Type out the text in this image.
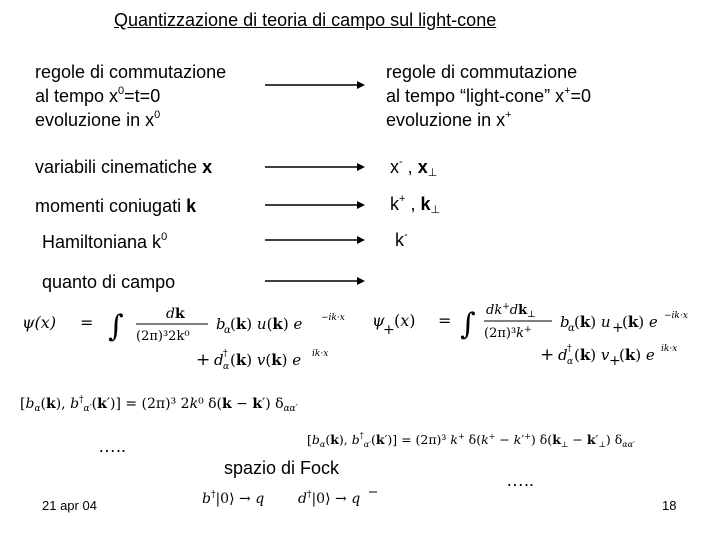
Quantizzazione di teoria di campo sul light-cone
regole di commutazione
al tempo $x^0=t=0$
evoluzione in $x^0$
variabili cinematiche x
momenti coniugati k
Hamiltoniana $k^0$
regole di commutazione
al tempo “light-cone” x+=0
evoluzione in x+
x- , $x_\perp$
k+ , $k_\perp$
k-
quanto di campo
ψ(x) = ∫	d k
(2π)³2k⁰
b
α (k) u(k) e −ik·x
+ d †
α (k) v(k) e ik·x
[$b_\alpha(k)$, $b^\dagger_{\alpha'}(k')] = (2\pi)^3$ 2k⁰ δ(k − k′) $\delta_{\alpha\alpha'}$
ψ
+ (x) = ∫ $dk^+dk_\perp$
(2π)³k+ b
α (k) u +
(k) e −ik·x
+ d †
α (k) v +
(k) e ik·x
[$b_\alpha(k)$, $b^\dagger_{\alpha'}(k')] = (2\pi)^3$ k+ δ(k+ − k′+) $\delta(k_\perp - k'_\perp)$ $\delta_{\alpha\alpha'}$
…..
spazio di Fock
b†|0⟩ → q d†|0⟩ → q
…..
21 apr 04	18
